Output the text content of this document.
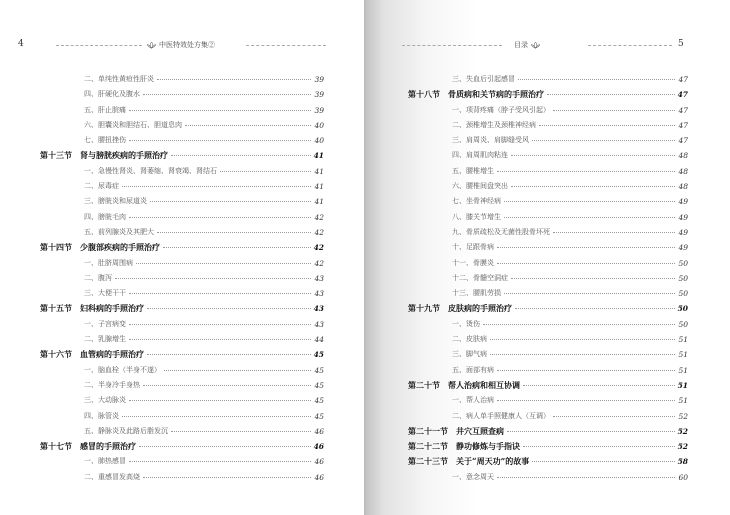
4	中医特效处方集②
二、单纯性黄疸性肝炎	39
四、肝硬化及腹水	39
五、肝止脘痛	39
六、胆囊炎和胆结石、胆道息肉	40
七、腰扭挫伤	40
第十三节　肾与膀胱疾病的手照治疗	41
一、急慢性肾炎、肾萎缩、肾衰竭、肾结石	41
二、尿毒症	41
三、膀胱炎和尿道炎	41
四、膀胱毛肉	42
五、前列腺炎及其肥大	42
第十四节　少腹部疾病的手照治疗	42
一、肚脐周围病	42
二、腹泻	43
三、大便干干	43
第十五节　妇科病的手照治疗	43
一、子宫病变	43
二、乳腺增生	44
第十六节　血管病的手照治疗	45
一、脑血栓（半身不遂）	45
二、半身冷手身热	45
三、大动脉炎	45
四、脉管炎	45
五、静脉炎及此路后脂发沉	46
第十七节　感冒的手照治疗	46
一、肺热感冒	46
二、重感冒发高烧	46
目录	5
三、失血后引起感冒	47
第十八节　骨质病和关节病的手照治疗	47
一、项背疼痛（脖子受风引起）	47
二、颈椎增生及颈椎神经病	47
三、肩周炎、肩脚缝受风	47
四、肩周肌肉粘连	48
五、腰椎增生	48
六、腰椎间盘突出	48
七、坐骨神经病	49
八、膝关节增生	49
九、骨质疏松及无菌性股骨坏死	49
十、足跟骨病	49
十一、骨膜炎	50
十二、骨髓空洞症	50
十三、腰肌劳损	50
第十九节　皮肤病的手照治疗	50
一、烫伤	50
二、皮肤病	51
三、脚气病	51
五、面部有病	51
第二十节　帮人治病和相互协调	51
一、帮人治病	51
二、病人单手照健康人（互调）	52
第二十一节　井穴互照查病	52
第二十二节　静功修炼与手指诀	52
第二十三节　关于“周天功”的故事	58
一、意念周天	60
